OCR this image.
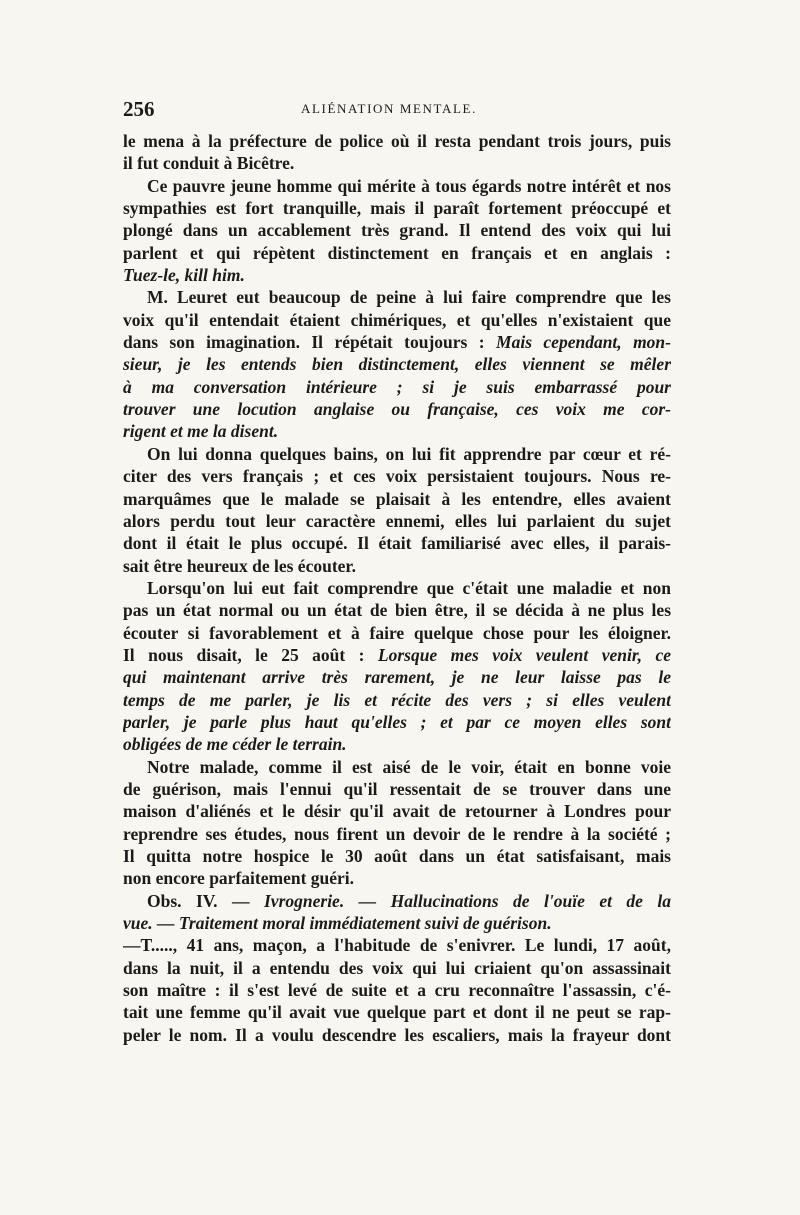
256	ALIÉNATION MENTALE.
le mena à la préfecture de police où il resta pendant trois jours, puis
il fut conduit à Bicêtre.
Ce pauvre jeune homme qui mérite à tous égards notre intérêt et nos
sympathies est fort tranquille, mais il paraît fortement préoccupé et
plongé dans un accablement très grand. Il entend des voix qui lui
parlent et qui répètent distinctement en français et en anglais :
Tuez-le, kill him.
M. Leuret eut beaucoup de peine à lui faire comprendre que les
voix qu'il entendait étaient chimériques, et qu'elles n'existaient que
dans son imagination. Il répétait toujours : Mais cependant, mon-
sieur, je les entends bien distinctement, elles viennent se mêler
à ma conversation intérieure ; si je suis embarrassé pour
trouver une locution anglaise ou française, ces voix me cor-
rigent et me la disent.
On lui donna quelques bains, on lui fit apprendre par cœur et ré-
citer des vers français ; et ces voix persistaient toujours. Nous re-
marquâmes que le malade se plaisait à les entendre, elles avaient
alors perdu tout leur caractère ennemi, elles lui parlaient du sujet
dont il était le plus occupé. Il était familiarisé avec elles, il parais-
sait être heureux de les écouter.
Lorsqu'on lui eut fait comprendre que c'était une maladie et non
pas un état normal ou un état de bien être, il se décida à ne plus les
écouter si favorablement et à faire quelque chose pour les éloigner.
Il nous disait, le 25 août : Lorsque mes voix veulent venir, ce
qui maintenant arrive très rarement, je ne leur laisse pas le
temps de me parler, je lis et récite des vers ; si elles veulent
parler, je parle plus haut qu'elles ; et par ce moyen elles sont
obligées de me céder le terrain.
Notre malade, comme il est aisé de le voir, était en bonne voie
de guérison, mais l'ennui qu'il ressentait de se trouver dans une
maison d'aliénés et le désir qu'il avait de retourner à Londres pour
reprendre ses études, nous firent un devoir de le rendre à la société ;
Il quitta notre hospice le 30 août dans un état satisfaisant, mais
non encore parfaitement guéri.
Obs. IV. — Ivrognerie. — Hallucinations de l'ouïe et de la
vue. — Traitement moral immédiatement suivi de guérison.
—T....., 41 ans, maçon, a l'habitude de s'enivrer. Le lundi, 17 août,
dans la nuit, il a entendu des voix qui lui criaient qu'on assassinait
son maître : il s'est levé de suite et a cru reconnaître l'assassin, c'é-
tait une femme qu'il avait vue quelque part et dont il ne peut se rap-
peler le nom. Il a voulu descendre les escaliers, mais la frayeur dont
